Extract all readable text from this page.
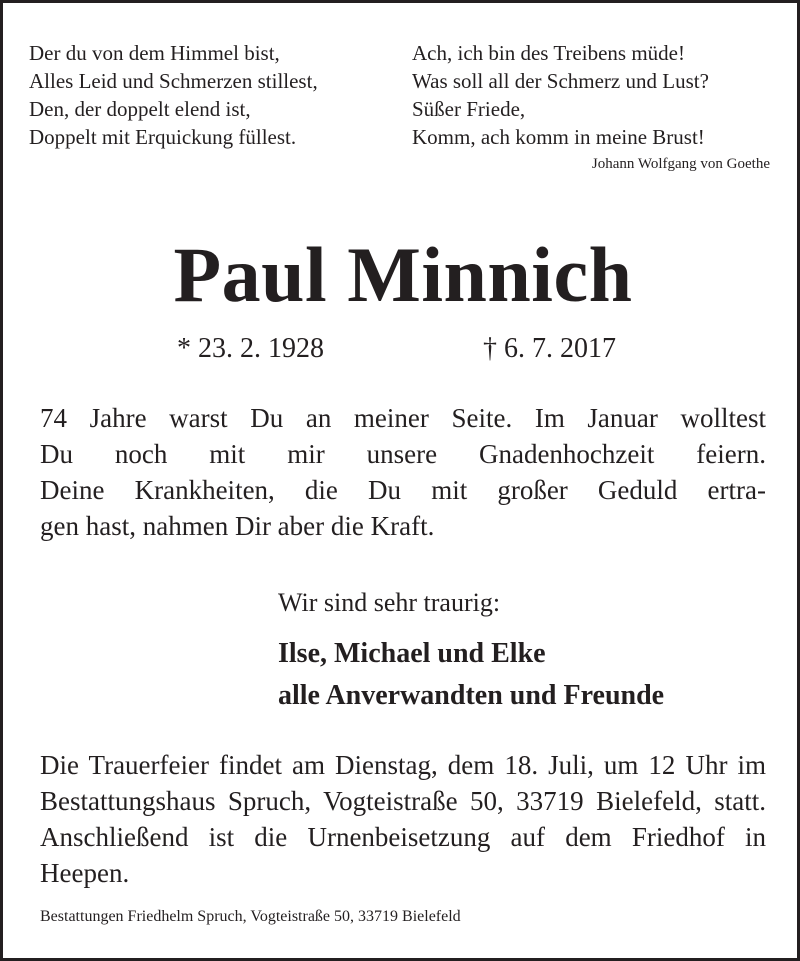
Der du von dem Himmel bist,
Alles Leid und Schmerzen stillest,
Den, der doppelt elend ist,
Doppelt mit Erquickung füllest.
Ach, ich bin des Treibens müde!
Was soll all der Schmerz und Lust?
Süßer Friede,
Komm, ach komm in meine Brust!
Johann Wolfgang von Goethe
Paul Minnich
* 23. 2. 1928	† 6. 7. 2017
74 Jahre warst Du an meiner Seite. Im Januar wolltest
Du noch mit mir unsere Gnadenhochzeit feiern.
Deine Krankheiten, die Du mit großer Geduld ertra-
gen hast, nahmen Dir aber die Kraft.
Wir sind sehr traurig:
Ilse, Michael und Elke
alle Anverwandten und Freunde
Die Trauerfeier findet am Dienstag, dem 18. Juli, um 12 Uhr im
Bestattungshaus Spruch, Vogteistraße 50, 33719 Bielefeld, statt.
Anschließend ist die Urnenbeisetzung auf dem Friedhof in
Heepen.
Bestattungen Friedhelm Spruch, Vogteistraße 50, 33719 Bielefeld
